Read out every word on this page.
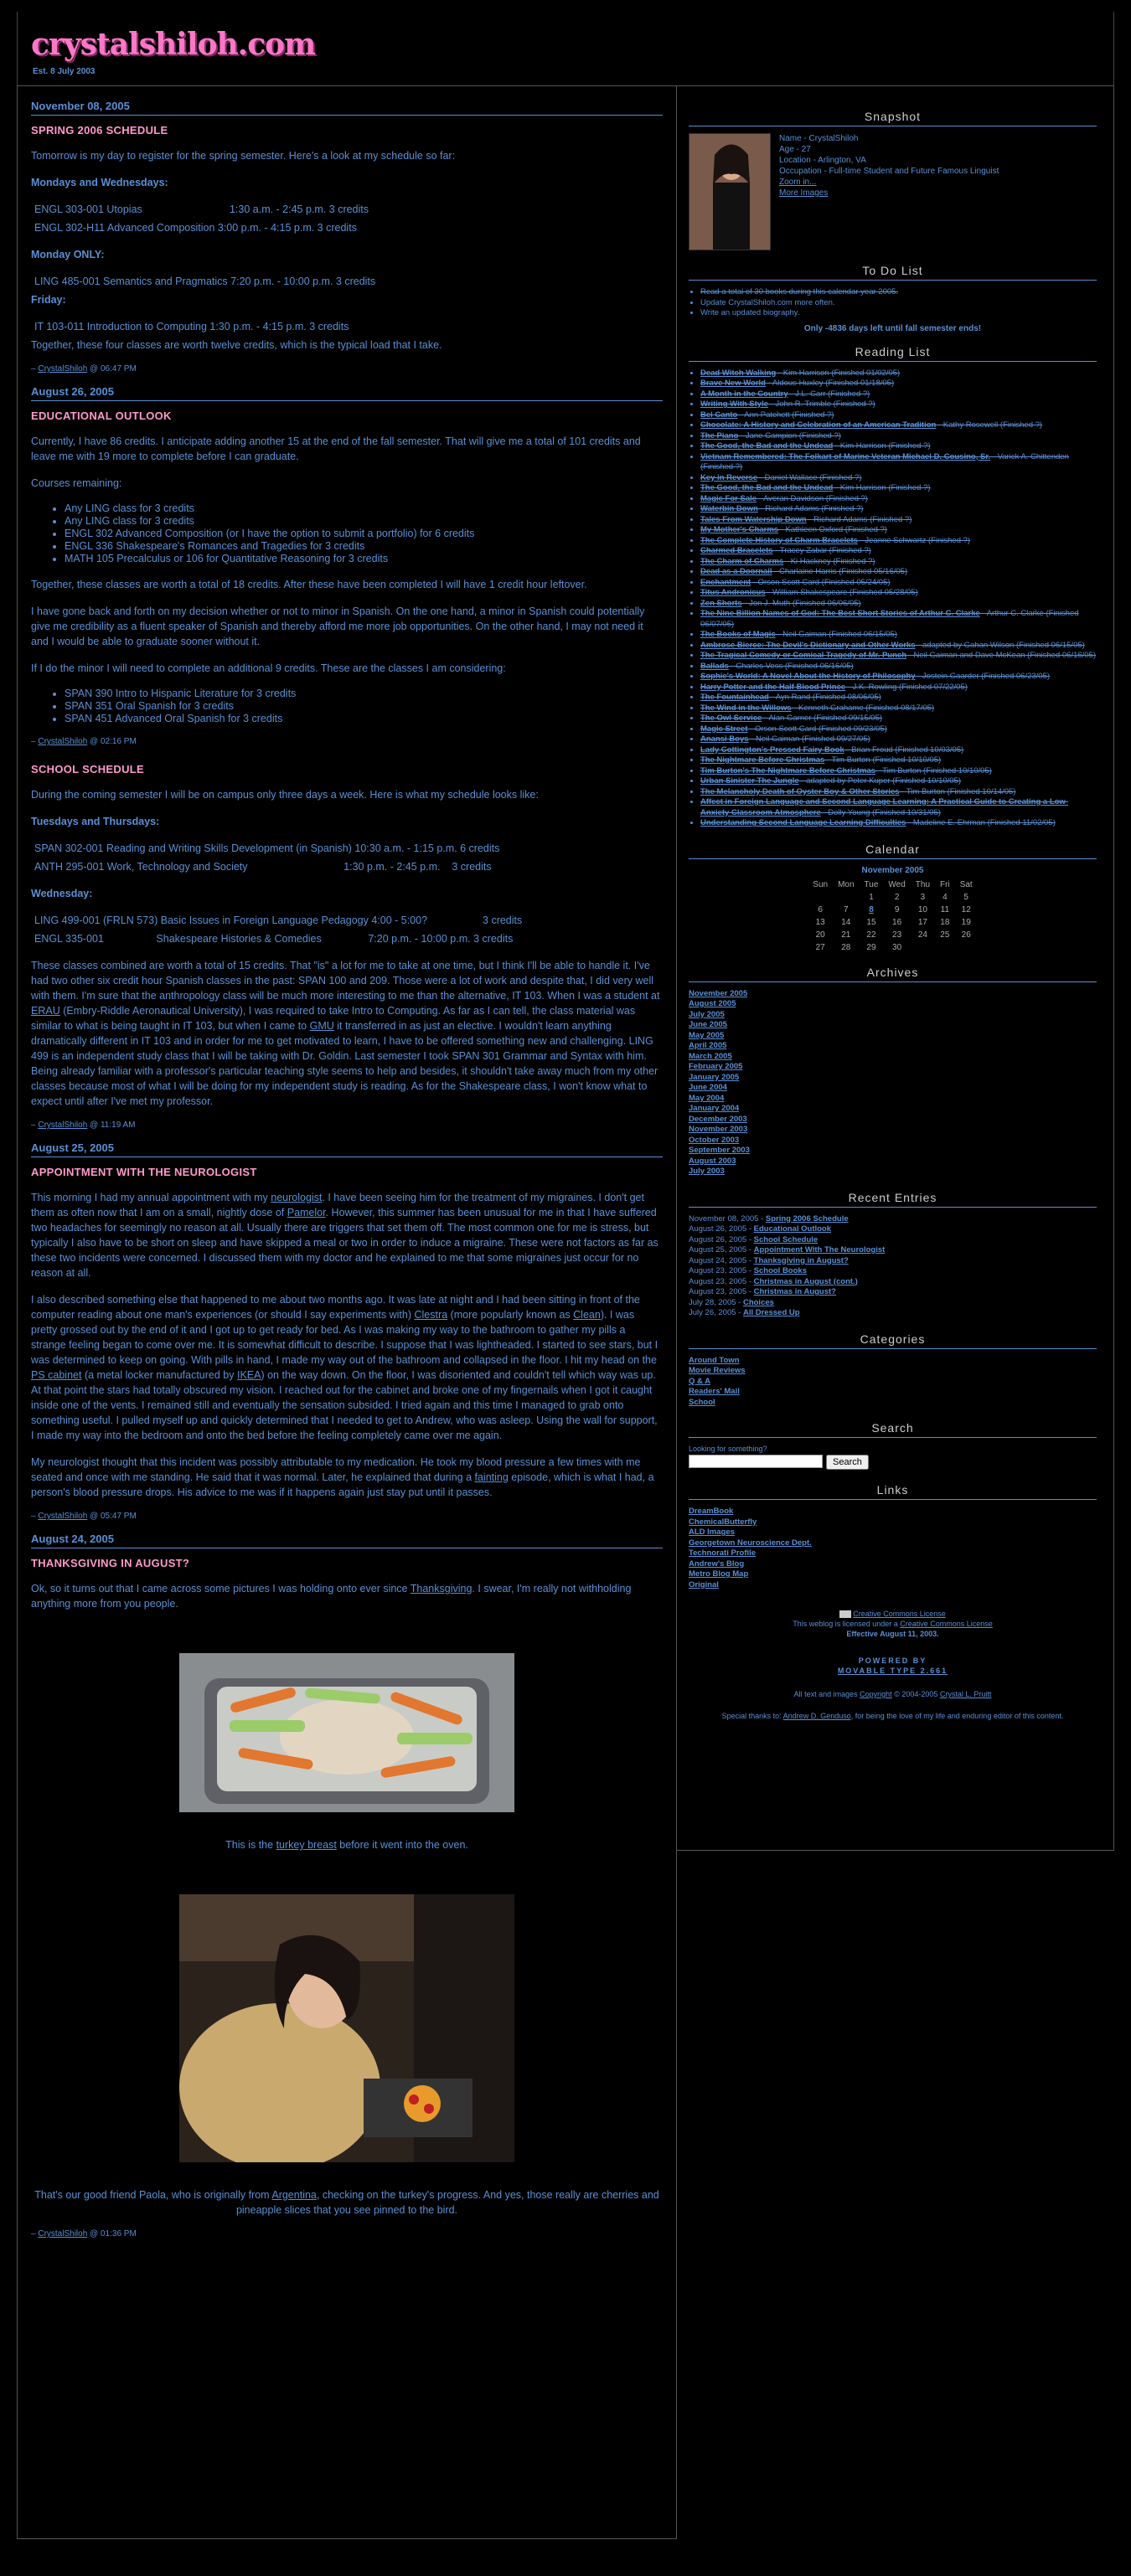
crystalshiloh.com
Est. 8 July 2003
November 08, 2005
SPRING 2006 SCHEDULE

Tomorrow is my day to register for the spring semester. Here's a look at my schedule so far:

Mondays and Wednesdays:

ENGL 303-001 Utopias                              1:30 a.m. - 2:45 p.m. 3 credits
ENGL 302-H11 Advanced Composition 3:00 p.m. - 4:15 p.m. 3 credits

Monday ONLY:

LING 485-001 Semantics and Pragmatics 7:20 p.m. - 10:00 p.m. 3 credits

Friday:

IT 103-011 Introduction to Computing 1:30 p.m. - 4:15 p.m. 3 credits

Together, these four classes are worth twelve credits, which is the typical load that I take.

– CrystalShiloh @ 06:47 PM
August 26, 2005
EDUCATIONAL OUTLOOK

Currently, I have 86 credits. I anticipate adding another 15 at the end of the fall semester. That will give me a total of 101 credits and leave me with 19 more to complete before I can graduate.

Courses remaining:

• Any LING class for 3 credits
• Any LING class for 3 credits
• ENGL 302 Advanced Composition (or I have the option to submit a portfolio) for 6 credits
• ENGL 336 Shakespeare's Romances and Tragedies for 3 credits
• MATH 105 Precalculus or 106 for Quantitative Reasoning for 3 credits

Together, these classes are worth a total of 18 credits. After these have been completed I will have 1 credit hour leftover.

I have gone back and forth on my decision whether or not to minor in Spanish. On the one hand, a minor in Spanish could potentially give me credibility as a fluent speaker of Spanish and thereby afford me more job opportunities. On the other hand, I may not need it and I would be able to graduate sooner without it.

If I do the minor I will need to complete an additional 9 credits. These are the classes I am considering:

• SPAN 390 Intro to Hispanic Literature for 3 credits
• SPAN 351 Oral Spanish for 3 credits
• SPAN 451 Advanced Oral Spanish for 3 credits
– CrystalShiloh @ 02:16 PM
SCHOOL SCHEDULE

During the coming semester I will be on campus only three days a week. Here is what my schedule looks like:

Tuesdays and Thursdays:

SPAN 302-001 Reading and Writing Skills Development (in Spanish) 10:30 a.m. - 1:15 p.m. 6 credits
ANTH 295-001 Work, Technology and Society                                 1:30 p.m. - 2:45 p.m.    3 credits

Wednesday:

LING 499-001 (FRLN 573) Basic Issues in Foreign Language Pedagogy 4:00 - 5:00?                   3 credits
ENGL 335-001                  Shakespeare Histories & Comedies                7:20 p.m. - 10:00 p.m. 3 credits

These classes combined are worth a total of 15 credits. That "is" a lot for me to take at one time, but I think I'll be able to handle it. I've had two other six credit hour Spanish classes in the past: SPAN 100 and 209. Those were a lot of work and despite that, I did very well with them. I'm sure that the anthropology class will be much more interesting to me than the alternative, IT 103. When I was a student at ERAU (Embry-Riddle Aeronautical University), I was required to take Intro to Computing. As far as I can tell, the class material was similar to what is being taught in IT 103, but when I came to GMU it transferred in as just an elective. I wouldn't learn anything dramatically different in IT 103 and in order for me to get motivated to learn, I have to be offered something new and challenging. LING 499 is an independent study class that I will be taking with Dr. Goldin. Last semester I took SPAN 301 Grammar and Syntax with him. Being already familiar with a professor's particular teaching style seems to help and besides, it shouldn't take away much from my other classes because most of what I will be doing for my independent study is reading. As for the Shakespeare class, I won't know what to expect until after I've met my professor.

– CrystalShiloh @ 11:19 AM
August 25, 2005
APPOINTMENT WITH THE NEUROLOGIST

This morning I had my annual appointment with my neurologist. I have been seeing him for the treatment of my migraines. I don't get them as often now that I am on a small, nightly dose of Pamelor. However, this summer has been unusual for me in that I have suffered two headaches for seemingly no reason at all. Usually there are triggers that set them off. The most common one for me is stress, but typically I also have to be short on sleep and have skipped a meal or two in order to induce a migraine. These were not factors as far as these two incidents were concerned. I discussed them with my doctor and he explained to me that some migraines just occur for no reason at all.

I also described something else that happened to me about two months ago. It was late at night and I had been sitting in front of the computer reading about one man's experiences (or should I say experiments with) Clestra (more popularly known as Clean). I was pretty grossed out by the end of it and I got up to get ready for bed. As I was making my way to the bathroom to gather my pills a strange feeling began to come over me. It is somewhat difficult to describe. I suppose that I was lightheaded. I started to see stars, but I was determined to keep on going. With pills in hand, I made my way out of the bathroom and collapsed in the floor. I hit my head on the PS cabinet (a metal locker manufactured by IKEA) on the way down. On the floor, I was disoriented and couldn't tell which way was up. At that point the stars had totally obscured my vision. I reached out for the cabinet and broke one of my fingernails when I got it caught inside one of the vents. I remained still and eventually the sensation subsided. I tried again and this time I managed to grab onto something useful. I pulled myself up and quickly determined that I needed to get to Andrew, who was asleep. Using the wall for support, I made my way into the bedroom and onto the bed before the feeling completely came over me again.

My neurologist thought that this incident was possibly attributable to my medication. He took my blood pressure a few times with me seated and once with me standing. He said that it was normal. Later, he explained that during a fainting episode, which is what I had, a person's blood pressure drops. His advice to me was if it happens again just stay put until it passes.

– CrystalShiloh @ 05:47 PM
August 24, 2005
THANKSGIVING IN AUGUST?

Ok, so it turns out that I came across some pictures I was holding onto ever since Thanksgiving. I swear, I'm really not withholding anything more from you people.

This is the turkey breast before it went into the oven.

That's our good friend Paola, who is originally from Argentina, checking on the turkey's progress. And yes, those really are cherries and pineapple slices that you see pinned to the bird.

– CrystalShiloh @ 01:36 PM
Snapshot
Name - CrystalShiloh
Age - 27
Location - Arlington, VA
Occupation - Full-time Student and Future Famous Linguist
Zoom in...
More Images
To Do List
• Read a total of 30 books during this calendar year 2005.
• Update CrystalShiloh.com more often.
• Write an updated biography.
Only -4836 days left until fall semester ends!
Reading List
• Dead Witch Walking - Kim Harrison (Finished 01/02/05)
• Brave New World - Aldous Huxley (Finished 01/18/05)
• A Month in the Country - J.L. Carr (Finished ?)
• Writing With Style - John R. Trimble (Finished ?)
• Bel Canto - Ann Patchett (Finished ?)
• Chocolate: A History and Celebration of an American Tradition - Kathy Rosewell (Finished ?)
• The Piano - Jane Campion (Finished ?)
• The Good, the Bad and the Undead - Kim Harrison (Finished ?)
• Vietnam Remembered: The Folkart of Marine Veteran Michael D. Cousino, Sr. - Varick A. Chittenden (Finished ?)
• Key in Reverse - Daniel Wallace (Finished ?)
• The Good, the Bad and the Undead - Kim Harrison (Finished ?)
• Magic For Sale - Averan Davidson (Finished ?)
• Waterbin Down - Richard Adams (Finished ?)
• Tales From Watership Down - Richard Adams (Finished ?)
• My Mother's Charms - Kathleen Oxford (Finished ?)
• The Complete History of Charm Bracelets - Jeanne Schwartz (Finished ?)
• Charmed Bracelets - Tracey Zabar (Finished ?)
• The Charm of Charms - Ki Hackney (Finished ?)
• Dead as a Doornail - Charlaine Harris (Finished 05/16/05)
• Enchantment - Orson Scott Card (Finished 05/24/05)
• Titus Andronicus - William Shakespeare (Finished 05/28/05)
• Zen Shorts - Jon J. Muth (Finished 06/06/05)
• The Nine Billion Names of God: The Best Short Stories of Arthur C. Clarke - Arthur C. Clarke (Finished 06/07/05)
• The Books of Magic - Neil Gaiman (Finished 06/15/05)
• Ambrose Bierce: The Devil's Dictionary and Other Works - adapted by Gahan Wilson (Finished 06/15/05)
• The Tragical Comedy or Comical Tragedy of Mr. Punch - Neil Gaiman and Dave McKean (Finished 06/16/05)
• Ballads - Charles Vess (Finished 06/16/05)
• Sophie's World: A Novel About the History of Philosophy - Jostein Gaarder (Finished 06/23/05)
• Harry Potter and the Half Blood Prince - J.K. Rowling (Finished 07/22/05)
• The Fountainhead - Ayn Rand (Finished 08/06/05)
• The Wind in the Willows - Kenneth Grahame (Finished 08/17/05)
• The Owl Service - Alan Garner (Finished 09/15/05)
• Magic Street - Orson Scott Card (Finished 09/23/05)
• Anansi Boys - Neil Gaiman (Finished 09/27/05)
• Lady Cottington's Pressed Fairy Book - Brian Froud (Finished 10/03/05)
• The Nightmare Before Christmas - Tim Burton (Finished 10/10/05)
• Tim Burton's The Nightmare Before Christmas - Tim Burton (Finished 10/10/05)
• Urban Sinister The Jungle - adapted by Peter Kuper (Finished 10/10/05)
• The Melancholy Death of Oyster Boy & Other Stories - Tim Burton (Finished 10/14/05)
• Affect in Foreign Language and Second Language Learning: A Practical Guide to Creating a Low-Anxiety Classroom Atmosphere - Dolly Young (Finished 10/31/05)
• Understanding Second Language Learning Difficulties - Madeline E. Ehrman (Finished 11/02/05)
Calendar
November 2005
Sun	Mon	Tue	Wed	Thu	Fri	Sat
		1	2	3	4	5
6	7	8	9	10	11	12
13	14	15	16	17	18	19
20	21	22	23	24	25	26
27	28	29	30			
Archives
November 2005
August 2005
July 2005
June 2005
May 2005
April 2005
March 2005
February 2005
January 2005
June 2004
May 2004
January 2004
December 2003
November 2003
October 2003
September 2003
August 2003
July 2003
Recent Entries
November 08, 2005 - Spring 2006 Schedule
August 26, 2005 - Educational Outlook
August 26, 2005 - School Schedule
August 25, 2005 - Appointment With The Neurologist
August 24, 2005 - Thanksgiving in August?
August 23, 2005 - School Books
August 23, 2005 - Christmas in August (cont.)
August 23, 2005 - Christmas in August?
July 28, 2005 - Choices
July 26, 2005 - All Dressed Up
Categories
Around Town
Movie Reviews
Q & A
Readers' Mail
School
Search
Looking for something?
Search
Links
DreamBook
ChemicalButterfly
ALD Images
Georgetown Neuroscience Dept.
Technorati Profile
Andrew's Blog
Metro Blog Map
Original
Creative Commons License
This weblog is licensed under a Creative Commons License
Effective August 11, 2003.
POWERED BY
MOVABLE TYPE 2.661
All text and images Copyright © 2004-2005 Crystal L. Pruitt
Special thanks to: Andrew D. Genduso, for being the love of my life and enduring editor of this content.
